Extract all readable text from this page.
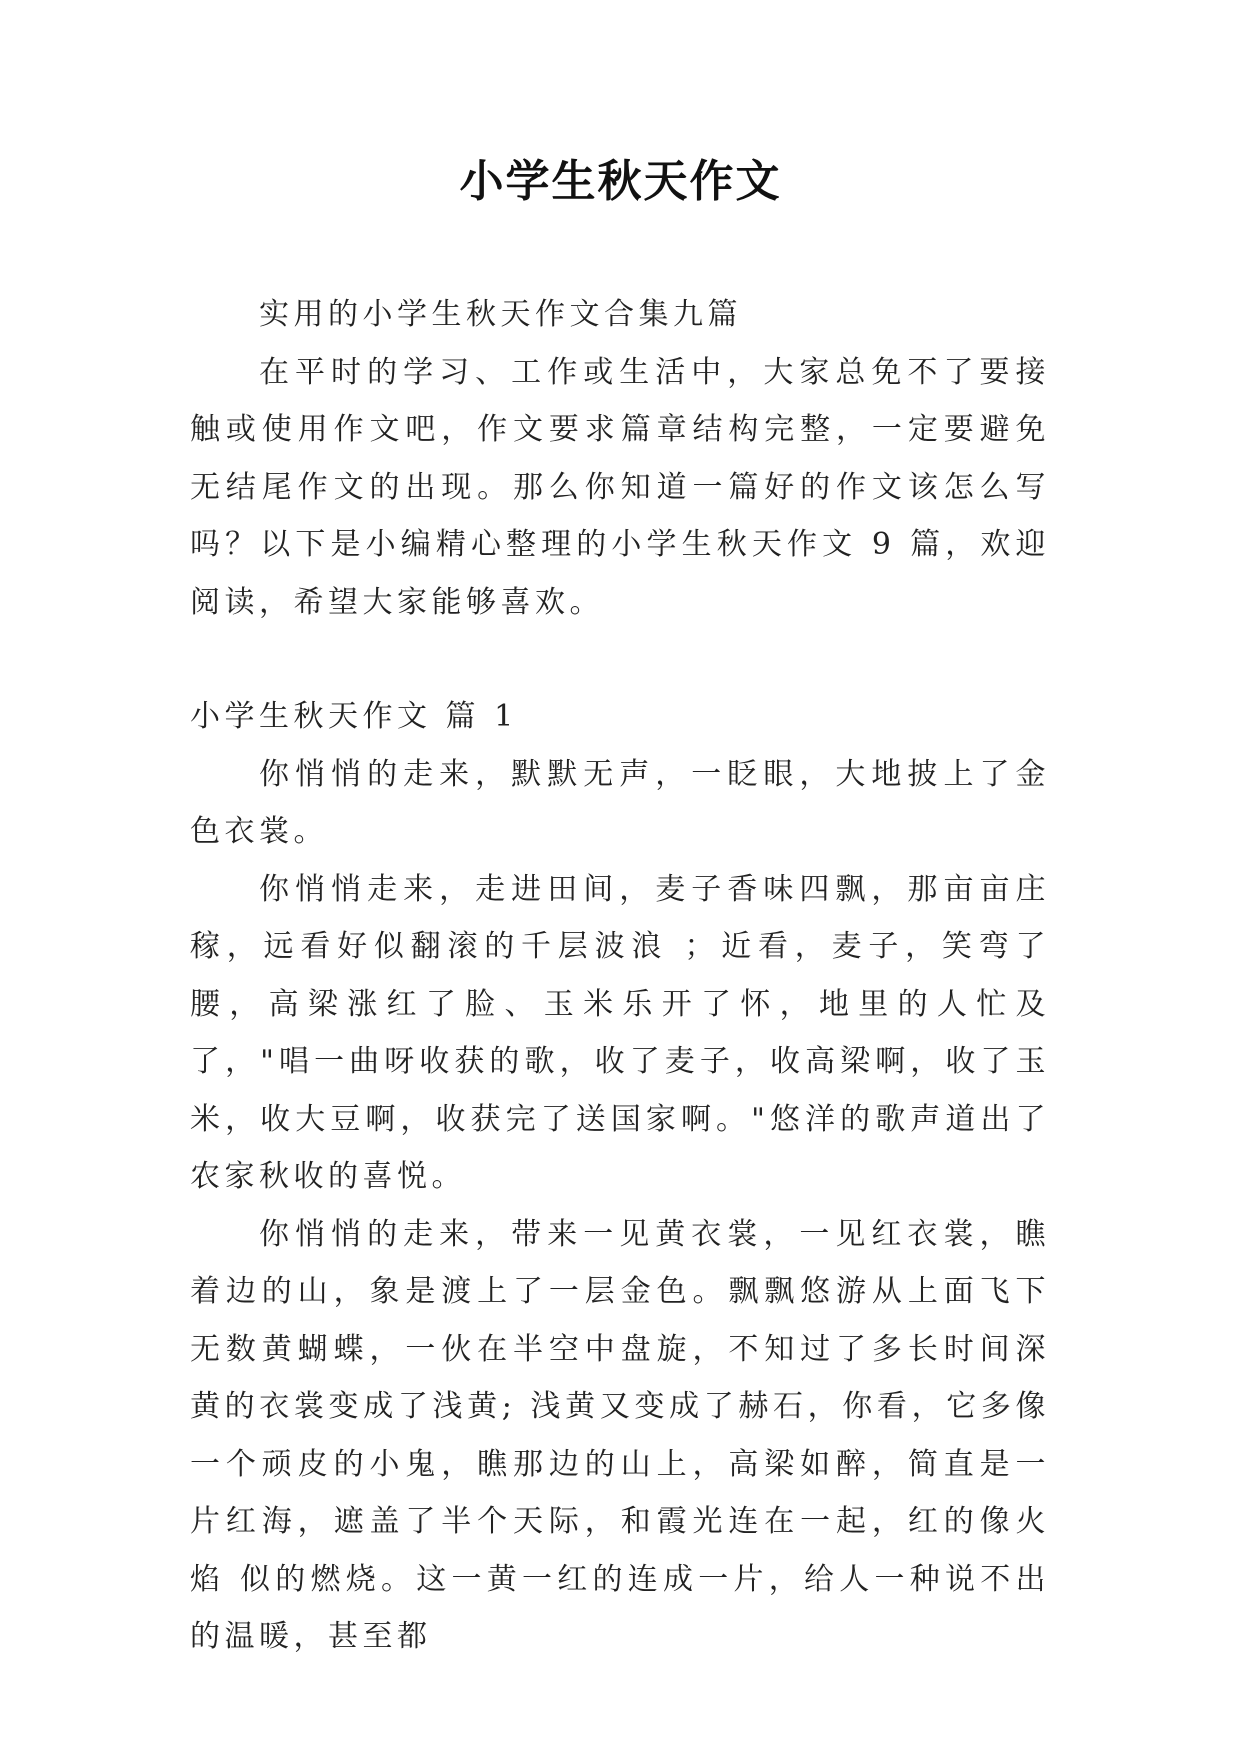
小学生秋天作文

实用的小学生秋天作文合集九篇

在平时的学习、工作或生活中，大家总免不了要接触或使用作文吧，作文要求篇章结构完整，一定要避免无结尾作文的出现。那么你知道一篇好的作文该怎么写吗？以下是小编精心整理的小学生秋天作文 9 篇，欢迎阅读，希望大家能够喜欢。

小学生秋天作文 篇 1

你悄悄的走来，默默无声，一眨眼，大地披上了金色衣裳。

你悄悄走来，走进田间，麦子香味四飘，那亩亩庄稼，远看好似翻滚的千层波浪 ；近看，麦子，笑弯了腰，高梁涨红了脸、玉米乐开了怀，地里的人忙及了，"唱一曲呀收获的歌，收了麦子，收高梁啊，收了玉米，收大豆啊，收获完了送国家啊。"悠洋的歌声道出了农家秋收的喜悦。

你悄悄的走来，带来一见黄衣裳，一见红衣裳，瞧着边的山，象是渡上了一层金色。飘飘悠游从上面飞下无数黄蝴蝶，一伙在半空中盘旋，不知过了多长时间深黄的衣裳变成了浅黄; 浅黄又变成了赫石，你看，它多像一个顽皮的小鬼，瞧那边的山上，高梁如醉，简直是一片红海，遮盖了半个天际，和霞光连在一起，红的像火焰 似的燃烧。这一黄一红的连成一片，给人一种说不出的温暖，甚至都
